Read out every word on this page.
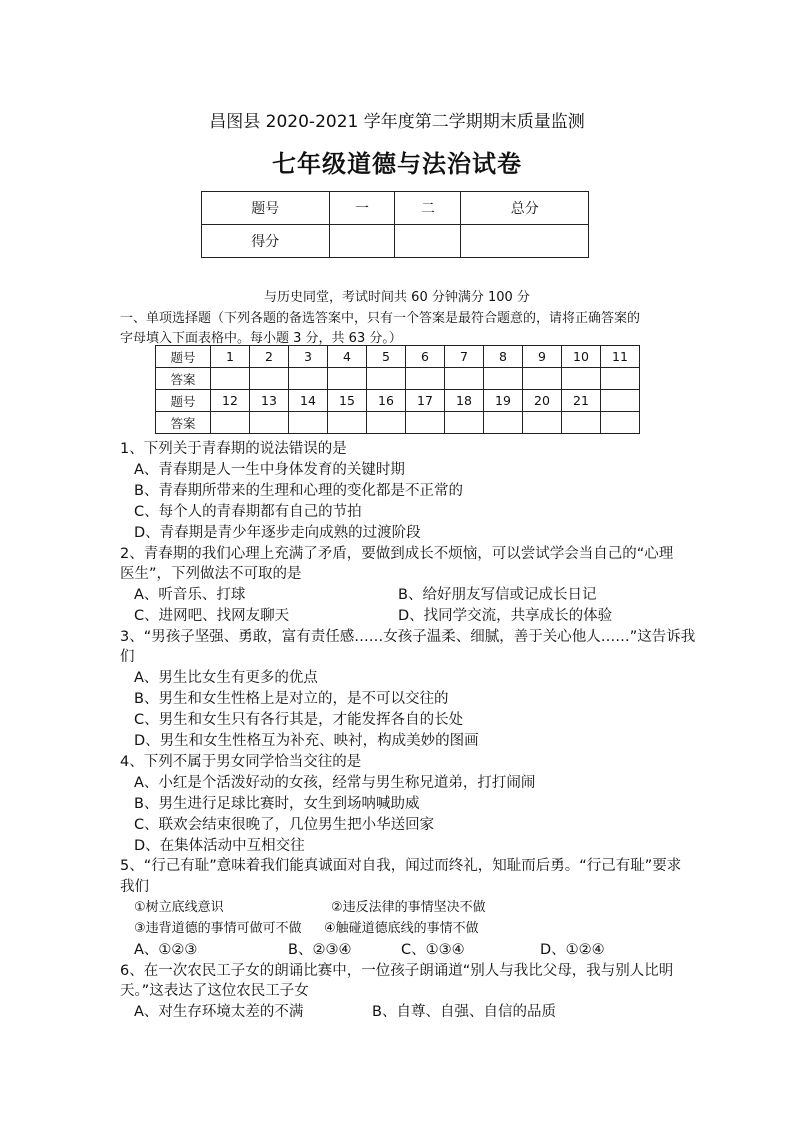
昌图县 2020-2021 学年度第二学期期末质量监测
七年级道德与法治试卷
题号	一	二	总分
得分			
与历史同堂，考试时间共 60 分钟满分 100 分
一、单项选择题（下列各题的备选答案中，只有一个答案是最符合题意的，请将正确答案的
字母填入下面表格中。每小题 3 分，共 63 分。）
题号	1	2	3	4	5	6	7	8	9	10	11
答案											
题号	12	13	14	15	16	17	18	19	20	21	
答案											
1、下列关于青春期的说法错误的是
A、青春期是人一生中身体发育的关键时期
B、青春期所带来的生理和心理的变化都是不正常的
C、每个人的青春期都有自己的节拍
D、青春期是青少年逐步走向成熟的过渡阶段
2、青春期的我们心理上充满了矛盾，要做到成长不烦恼，可以尝试学会当自己的“心理
医生”，下列做法不可取的是
A、听音乐、打球	B、给好朋友写信或记成长日记
C、进网吧、找网友聊天	D、找同学交流，共享成长的体验
3、“男孩子坚强、勇敢，富有责任感……女孩子温柔、细腻，善于关心他人……”这告诉我
们
A、男生比女生有更多的优点
B、男生和女生性格上是对立的，是不可以交往的
C、男生和女生只有各行其是，才能发挥各自的长处
D、男生和女生性格互为补充、映衬，构成美妙的图画
4、下列不属于男女同学恰当交往的是
A、小红是个活泼好动的女孩，经常与男生称兄道弟，打打闹闹
B、男生进行足球比赛时，女生到场呐喊助威
C、联欢会结束很晚了，几位男生把小华送回家
D、在集体活动中互相交往
5、“行己有耻”意味着我们能真诚面对自我，闻过而终礼，知耻而后勇。“行己有耻”要求
我们
①树立底线意识	②违反法律的事情坚决不做
③违背道德的事情可做可不做 ④触碰道德底线的事情不做
A、①②③	B、②③④	C、①③④	D、①②④
6、在一次农民工子女的朗诵比赛中，一位孩子朗诵道“别人与我比父母，我与别人比明
天。”这表达了这位农民工子女
A、对生存环境太差的不满	B、自尊、自强、自信的品质
